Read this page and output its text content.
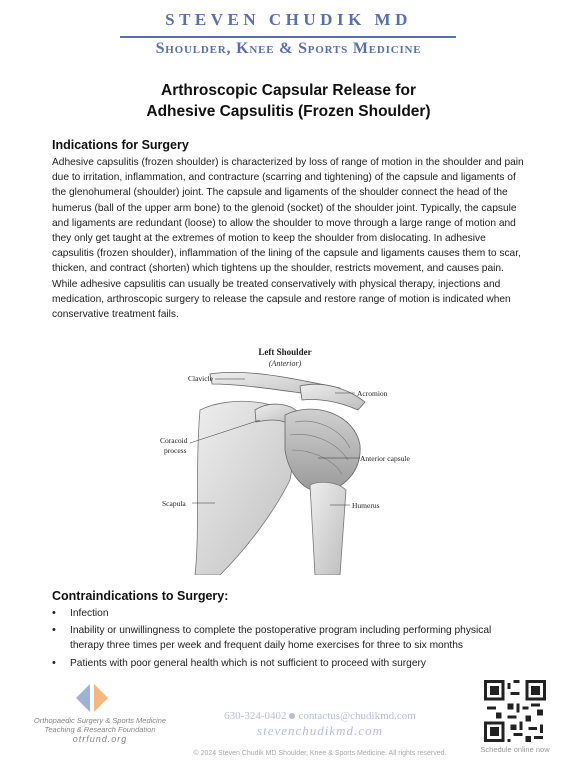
STEVEN CHUDIK MD
Shoulder, Knee & Sports Medicine
Arthroscopic Capsular Release for
Adhesive Capsulitis (Frozen Shoulder)
Indications for Surgery
Adhesive capsulitis (frozen shoulder) is characterized by loss of range of motion in the shoulder and pain due to irritation, inflammation, and contracture (scarring and tightening) of the capsule and ligaments of the glenohumeral (shoulder) joint. The capsule and ligaments of the shoulder connect the head of the humerus (ball of the upper arm bone) to the glenoid (socket) of the shoulder joint. Typically, the capsule and ligaments are redundant (loose) to allow the shoulder to move through a large range of motion and they only get taught at the extremes of motion to keep the shoulder from dislocating. In adhesive capsulitis (frozen shoulder), inflammation of the lining of the capsule and ligaments causes them to scar, thicken, and contract (shorten) which tightens up the shoulder, restricts movement, and causes pain. While adhesive capsulitis can usually be treated conservatively with physical therapy, injections and medication, arthroscopic surgery to release the capsule and restore range of motion is indicated when conservative treatment fails.
Left Shoulder
(Anterior)
Clavicle
Acromion
Coracoid
process
Anterior capsule
Scapula	Humerus
Contraindications to Surgery:
• Infection
• Inability or unwillingness to complete the postoperative program including performing physical therapy three times per week and frequent daily home exercises for three to six months
• Patients with poor general health which is not sufficient to proceed with surgery
Orthopaedic Surgery & Sports Medicine
Teaching & Research Foundation
otrfund.org
630-324-0402 contactus@chudikmd.com
stevenchudikmd.com
© 2024 Steven Chudik MD Shoulder, Knee & Sports Medicine. All rights reserved.	Schedule online now
